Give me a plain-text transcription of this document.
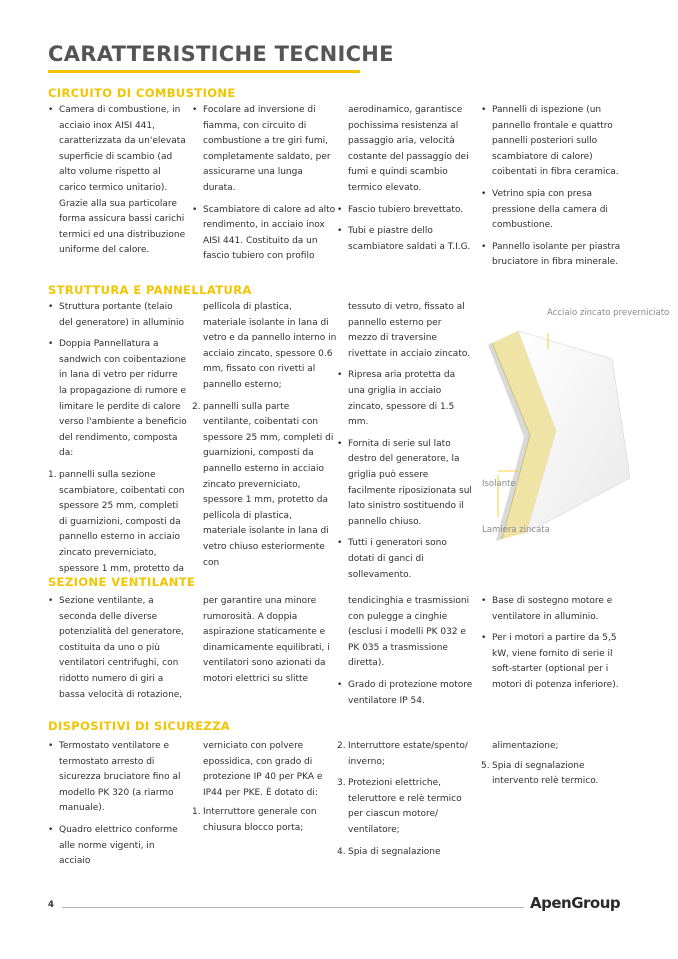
CARATTERISTICHE TECNICHE
CIRCUITO DI COMBUSTIONE
• Camera di combustione, in acciaio inox AISI 441, caratterizzata da un'elevata superficie di scambio (ad alto volume rispetto al carico termico unitario). Grazie alla sua particolare forma assicura bassi carichi termici ed una distribuzione uniforme del calore.
• Focolare ad inversione di fiamma, con circuito di combustione a tre giri fumi, completamente saldato, per assicurarne una lunga durata.
• Scambiatore di calore ad alto rendimento, in acciaio inox AISI 441. Costituito da un fascio tubiero con profilo

aerodinamico, garantisce pochissima resistenza al passaggio aria, velocità costante del passaggio dei fumi e quindi scambio termico elevato.

• Fascio tubiero brevettato.
• Tubi e piastre dello scambiatore saldati a T.I.G.
• Pannelli di ispezione (un pannello frontale e quattro pannelli posteriori sullo scambiatore di calore) coibentati in fibra ceramica.
• Vetrino spia con presa pressione della camera di combustione.
• Pannello isolante per piastra bruciatore in fibra minerale.
STRUTTURA E PANNELLATURA
• Struttura portante (telaio del generatore) in alluminio
• Doppia Pannellatura a sandwich con coibentazione in lana di vetro per ridurre la propagazione di rumore e limitare le perdite di calore verso l'ambiente a beneficio del rendimento, composta da:
1. pannelli sulla sezione scambiatore, coibentati con spessore 25 mm, completi di guarnizioni, composti da pannello esterno in acciaio zincato preverniciato, spessore 1 mm, protetto da

pellicola di plastica, materiale isolante in lana di vetro e da pannello interno in acciaio zincato, spessore 0.6 mm, fissato con rivetti al pannello esterno;

2. pannelli sulla parte ventilante, coibentati con spessore 25 mm, completi di guarnizioni, composti da pannello esterno in acciaio zincato preverniciato, spessore 1 mm, protetto da pellicola di plastica, materiale isolante in lana di vetro chiuso esteriormente con

tessuto di vetro, fissato al pannello esterno per mezzo di traversine rivettate in acciaio zincato.

• Ripresa aria protetta da una griglia in acciaio zincato, spessore di 1.5 mm.
• Fornita di serie sul lato destro del generatore, la griglia può essere facilmente riposizionata sul lato sinistro sostituendo il pannello chiuso.
• Tutti i generatori sono dotati di ganci di sollevamento.
Acciaio zincato preverniciato
Isolante
Lamiera zincata
SEZIONE VENTILANTE
• Sezione ventilante, a seconda delle diverse potenzialità del generatore, costituita da uno o più ventilatori centrifughi, con ridotto numero di giri a bassa velocità di rotazione,

per garantire una minore rumorosità. A doppia aspirazione staticamente e dinamicamente equilibrati, i ventilatori sono azionati da motori elettrici su slitte

tendicinghia e trasmissioni con pulegge a cinghie (esclusi i modelli PK 032 e PK 035 a trasmissione diretta).

• Grado di protezione motore ventilatore IP 54.
• Base di sostegno motore e ventilatore in alluminio.
• Per i motori a partire da 5,5 kW, viene fornito di serie il soft-starter (optional per i motori di potenza inferiore).
DISPOSITIVI DI SICUREZZA
• Termostato ventilatore e termostato arresto di sicurezza bruciatore fino al modello PK 320 (a riarmo manuale).
• Quadro elettrico conforme alle norme vigenti, in acciaio

verniciato con polvere epossidica, con grado di protezione IP 40 per PKA e IP44 per PKE. È dotato di:

1. Interruttore generale con chiusura blocco porta;
2. Interruttore estate/spento/ inverno;
3. Protezioni elettriche, teleruttore e relè termico per ciascun motore/ ventilatore;
4. Spia di segnalazione

alimentazione;

5. Spia di segnalazione intervento relè termico.
4	ApenGroup
